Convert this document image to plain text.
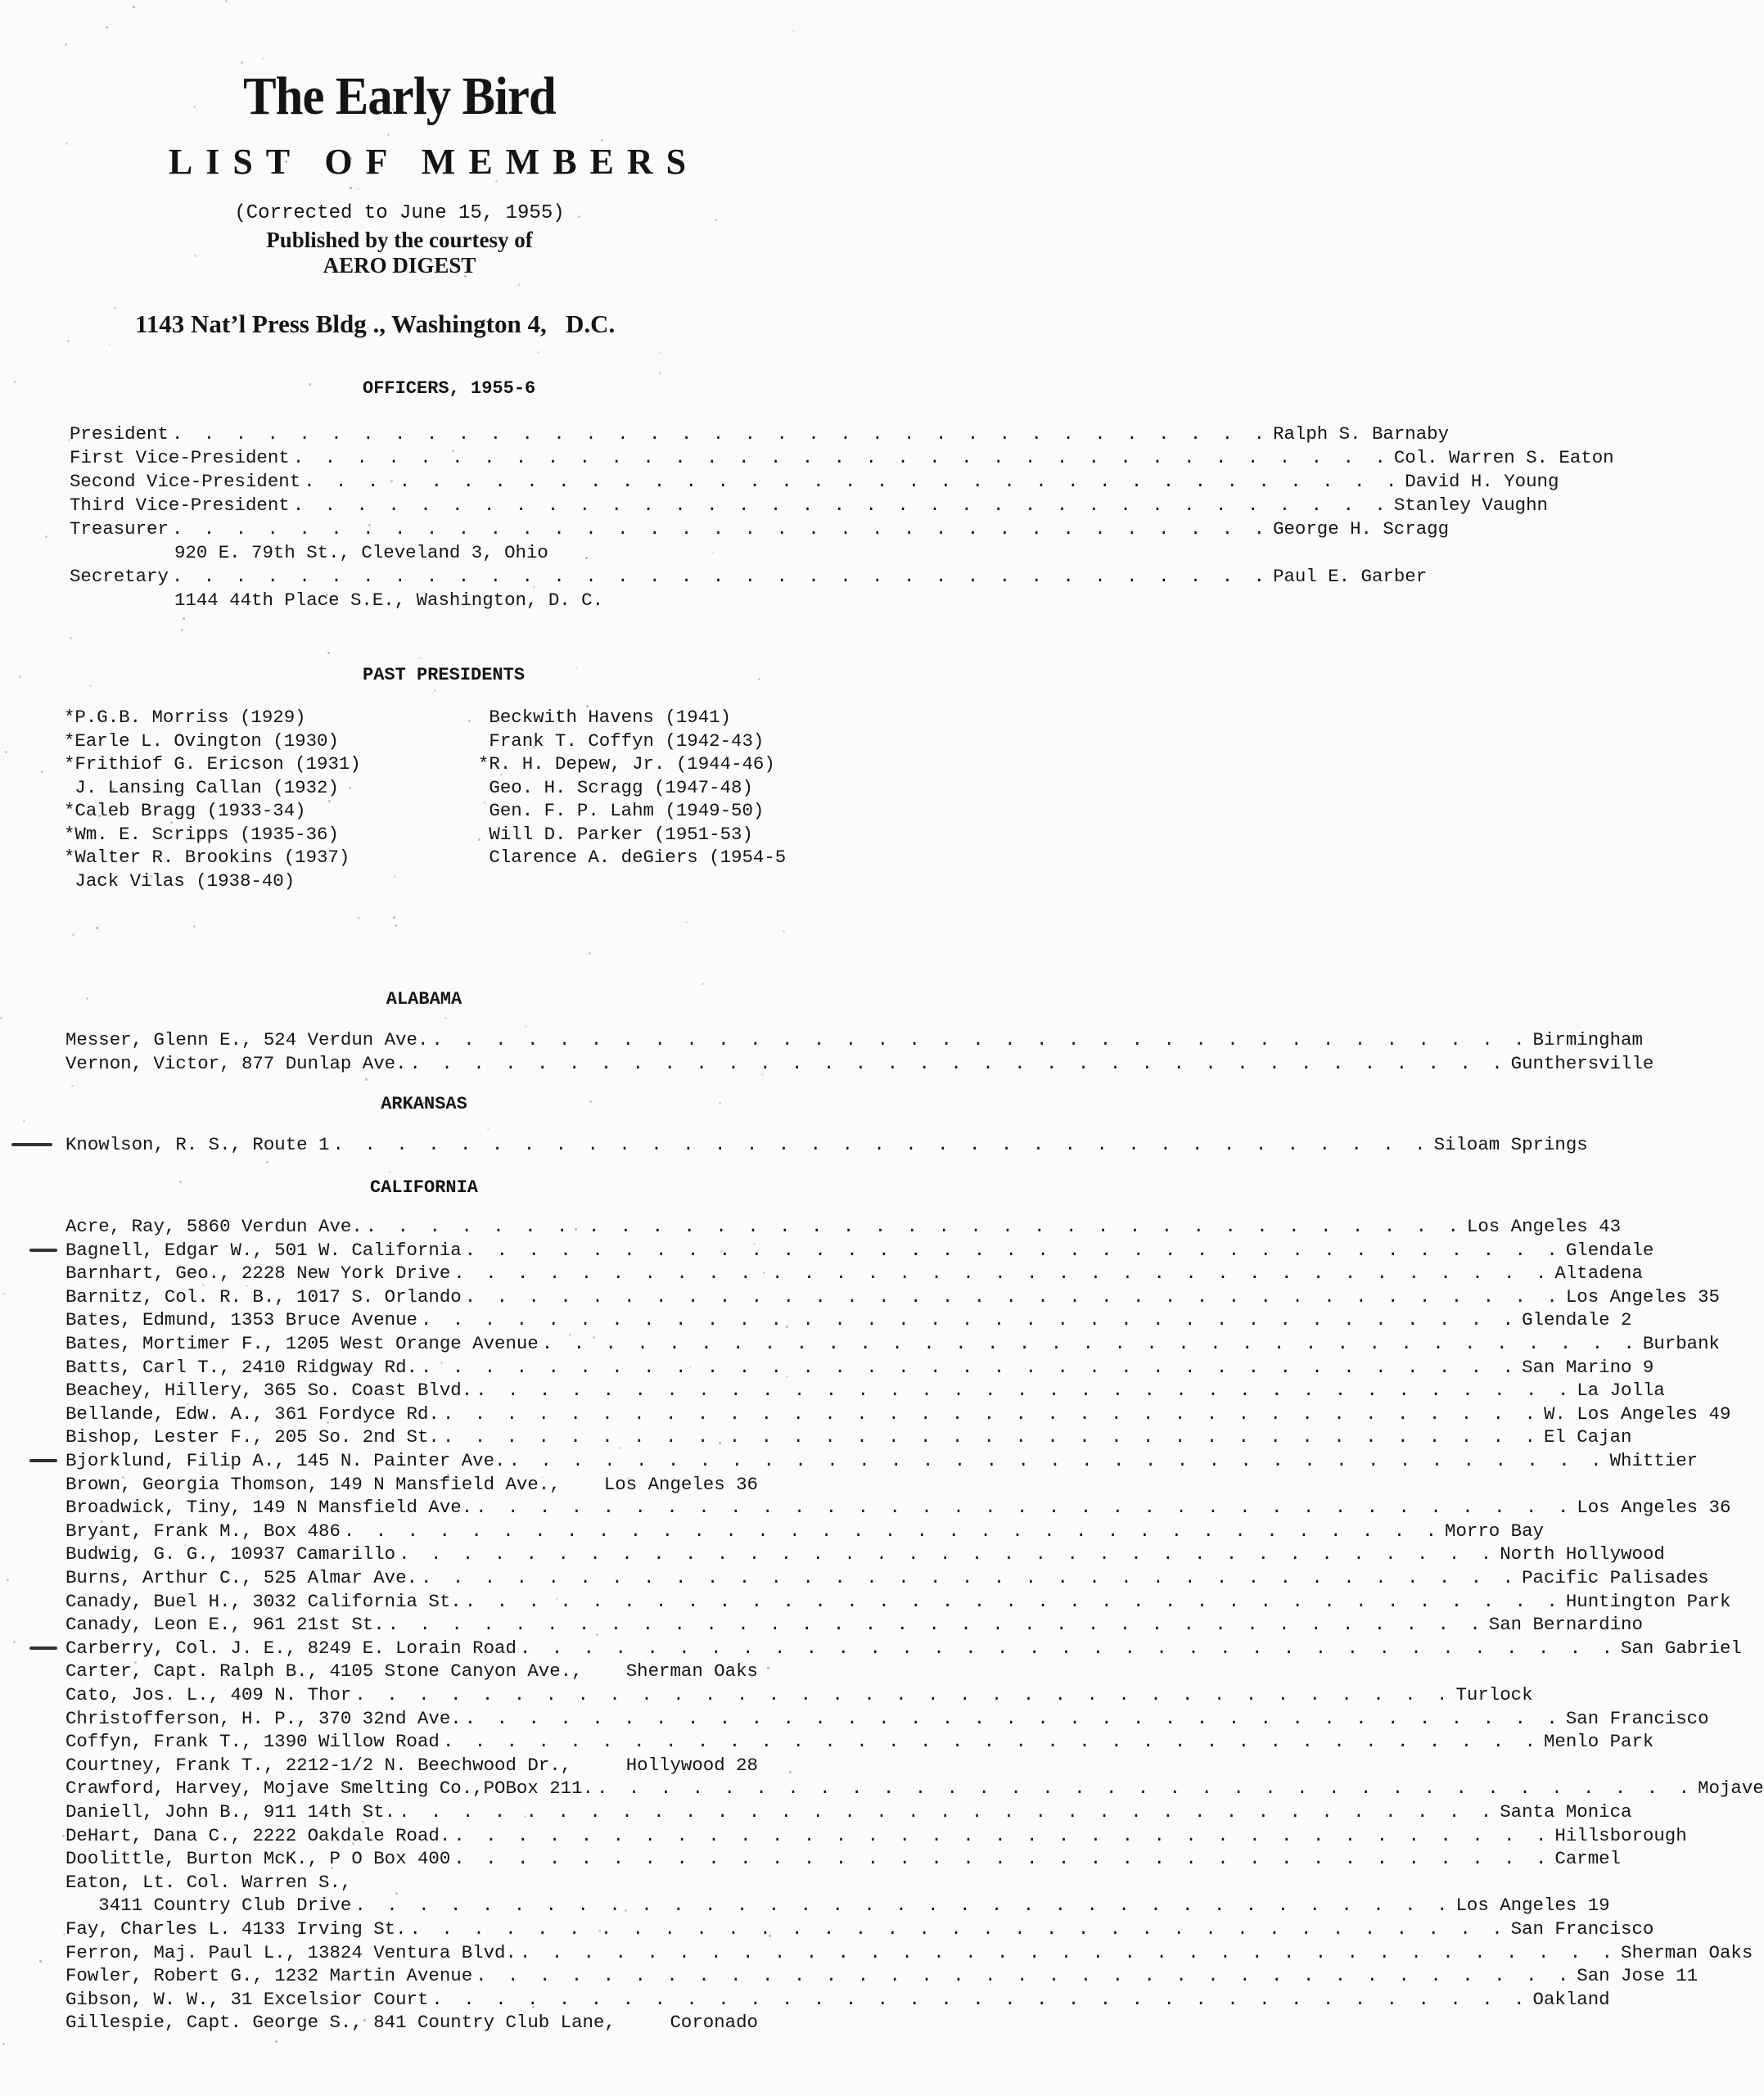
The Early Bird
LIST OF MEMBERS
(Corrected to June 15, 1955)
Published by the courtesy of
AERO DIGEST
1143 Nat’l Press Bldg ., Washington 4,   D.C.
OFFICERS, 1955-6
President . . . . . . . . . . . . . . . . . . . . . . . . . . . . . . . . . . . Ralph S. Barnaby
First Vice-President . . . . . . . . . . . . . . . . . . . . . . . . . . . . . . . . . . . Col. Warren S. Eaton
Second Vice-President . . . . . . . . . . . . . . . . . . . . . . . . . . . . . . . . . . . David H. Young
Third Vice-President . . . . . . . . . . . . . . . . . . . . . . . . . . . . . . . . . . . Stanley Vaughn
Treasurer . . . . . . . . . . . . . . . . . . . . . . . . . . . . . . . . . . . George H. Scragg
920 E. 79th St., Cleveland 3, Ohio
Secretary . . . . . . . . . . . . . . . . . . . . . . . . . . . . . . . . . . . Paul E. Garber
1144 44th Place S.E., Washington, D. C.
PAST PRESIDENTS
*P.G.B. Morriss (1929)
*Earle L. Ovington (1930)
*Frithiof G. Ericson (1931)
J. Lansing Callan (1932)
*Caleb Bragg (1933-34)
*Wm. E. Scripps (1935-36)
*Walter R. Brookins (1937)
Jack Vilas (1938-40)
Beckwith Havens (1941)
Frank T. Coffyn (1942-43)
*R. H. Depew, Jr. (1944-46)
Geo. H. Scragg (1947-48)
Gen. F. P. Lahm (1949-50)
Will D. Parker (1951-53)
Clarence A. deGiers (1954-5
ALABAMA
Messer, Glenn E., 524 Verdun Ave. . . . . . . . . . . . . . . . . . . . . . . . . . . . . . . . . . . . Birmingham
Vernon, Victor, 877 Dunlap Ave. . . . . . . . . . . . . . . . . . . . . . . . . . . . . . . . . . . . Gunthersville
ARKANSAS
Knowlson, R. S., Route 1 . . . . . . . . . . . . . . . . . . . . . . . . . . . . . . . . . . . Siloam Springs
CALIFORNIA
Acre, Ray, 5860 Verdun Ave. . . . . . . . . . . . . . . . . . . . . . . . . . . . . . . . . . . . Los Angeles 43
Bagnell, Edgar W., 501 W. California . . . . . . . . . . . . . . . . . . . . . . . . . . . . . . . . . . . Glendale
Barnhart, Geo., 2228 New York Drive . . . . . . . . . . . . . . . . . . . . . . . . . . . . . . . . . . . Altadena
Barnitz, Col. R. B., 1017 S. Orlando . . . . . . . . . . . . . . . . . . . . . . . . . . . . . . . . . . . Los Angeles 35
Bates, Edmund, 1353 Bruce Avenue . . . . . . . . . . . . . . . . . . . . . . . . . . . . . . . . . . . Glendale 2
Bates, Mortimer F., 1205 West Orange Avenue . . . . . . . . . . . . . . . . . . . . . . . . . . . . . . . . . . . Burbank
Batts, Carl T., 2410 Ridgway Rd. . . . . . . . . . . . . . . . . . . . . . . . . . . . . . . . . . . . San Marino 9
Beachey, Hillery, 365 So. Coast Blvd. . . . . . . . . . . . . . . . . . . . . . . . . . . . . . . . . . . . La Jolla
Bellande, Edw. A., 361 Fordyce Rd. . . . . . . . . . . . . . . . . . . . . . . . . . . . . . . . . . . . W. Los Angeles 49
Bishop, Lester F., 205 So. 2nd St. . . . . . . . . . . . . . . . . . . . . . . . . . . . . . . . . . . . El Cajan
Bjorklund, Filip A., 145 N. Painter Ave. . . . . . . . . . . . . . . . . . . . . . . . . . . . . . . . . . . . Whittier
Brown, Georgia Thomson, 149 N Mansfield Ave., Los Angeles 36
Broadwick, Tiny, 149 N Mansfield Ave. . . . . . . . . . . . . . . . . . . . . . . . . . . . . . . . . . . . Los Angeles 36
Bryant, Frank M., Box 486 . . . . . . . . . . . . . . . . . . . . . . . . . . . . . . . . . . . Morro Bay
Budwig, G. G., 10937 Camarillo . . . . . . . . . . . . . . . . . . . . . . . . . . . . . . . . . . . North Hollywood
Burns, Arthur C., 525 Almar Ave. . . . . . . . . . . . . . . . . . . . . . . . . . . . . . . . . . . . Pacific Palisades
Canady, Buel H., 3032 California St. . . . . . . . . . . . . . . . . . . . . . . . . . . . . . . . . . . . Huntington Park
Canady, Leon E., 961 21st St. . . . . . . . . . . . . . . . . . . . . . . . . . . . . . . . . . . . San Bernardino
Carberry, Col. J. E., 8249 E. Lorain Road . . . . . . . . . . . . . . . . . . . . . . . . . . . . . . . . . . . San Gabriel
Carter, Capt. Ralph B., 4105 Stone Canyon Ave., Sherman Oaks
Cato, Jos. L., 409 N. Thor . . . . . . . . . . . . . . . . . . . . . . . . . . . . . . . . . . . Turlock
Christofferson, H. P., 370 32nd Ave. . . . . . . . . . . . . . . . . . . . . . . . . . . . . . . . . . . . San Francisco
Coffyn, Frank T., 1390 Willow Road . . . . . . . . . . . . . . . . . . . . . . . . . . . . . . . . . . . Menlo Park
Courtney, Frank T., 2212-1/2 N. Beechwood Dr.,	Hollywood 28
Crawford, Harvey, Mojave Smelting Co.,POBox 211. . . . . . . . . . . . . . . . . . . . . . . . . . . . . . . . . . . . Mojave
Daniell, John B., 911 14th St. . . . . . . . . . . . . . . . . . . . . . . . . . . . . . . . . . . . Santa Monica
DeHart, Dana C., 2222 Oakdale Road. . . . . . . . . . . . . . . . . . . . . . . . . . . . . . . . . . . . Hillsborough
Doolittle, Burton McK., P O Box 400 . . . . . . . . . . . . . . . . . . . . . . . . . . . . . . . . . . . Carmel
Eaton, Lt. Col. Warren S.,
3411 Country Club Drive . . . . . . . . . . . . . . . . . . . . . . . . . . . . . . . . . . . Los Angeles 19
Fay, Charles L. 4133 Irving St. . . . . . . . . . . . . . . . . . . . . . . . . . . . . . . . . . . . San Francisco
Ferron, Maj. Paul L., 13824 Ventura Blvd. . . . . . . . . . . . . . . . . . . . . . . . . . . . . . . . . . . . Sherman Oaks
Fowler, Robert G., 1232 Martin Avenue . . . . . . . . . . . . . . . . . . . . . . . . . . . . . . . . . . . San Jose 11
Gibson, W. W., 31 Excelsior Court . . . . . . . . . . . . . . . . . . . . . . . . . . . . . . . . . . . Oakland
Gillespie, Capt. George S., 841 Country Club Lane,	Coronado
